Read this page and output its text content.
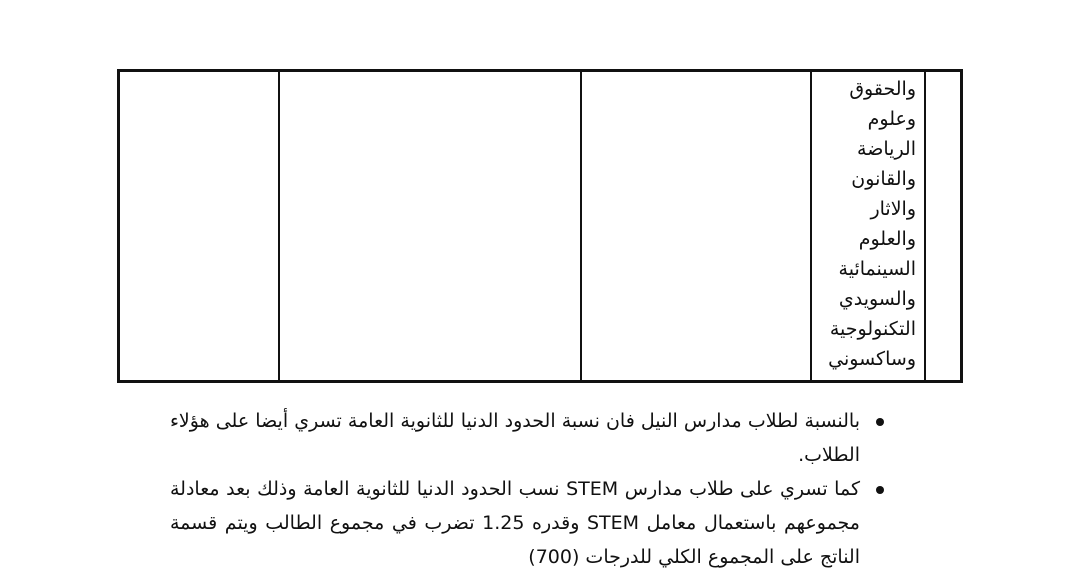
والحقوق
وعلوم
الرياضة
والقانون
والاثار
والعلوم
السينمائية
والسويدي
التكنولوجية
وساكسوني

بالنسبة لطلاب مدارس النيل فان نسبة الحدود الدنيا للثانوية العامة تسري أيضا على هؤلاء الطلاب.

كما تسري على طلاب مدارس STEM نسب الحدود الدنيا للثانوية العامة وذلك بعد معادلة مجموعهم باستعمال معامل STEM وقدره 1.25 تضرب في مجموع الطالب ويتم قسمة الناتج على المجموع الكلي للدرجات (700)
